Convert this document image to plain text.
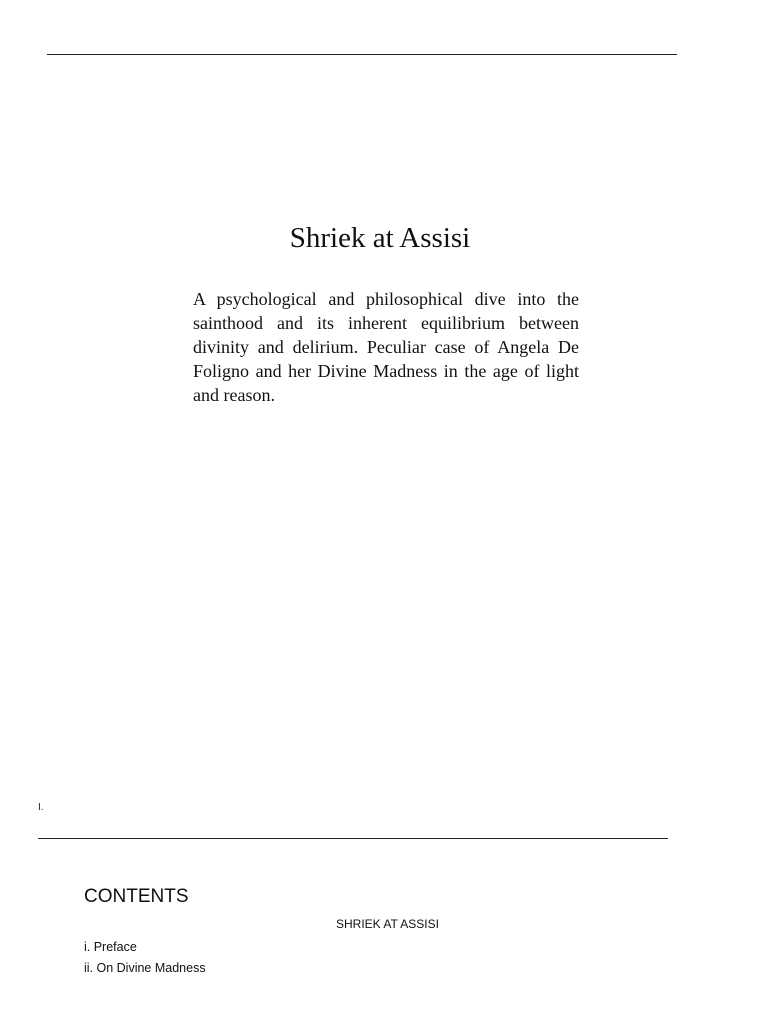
Shriek at Assisi

A psychological and philosophical dive into the sainthood and its inherent equilibrium between divinity and delirium. Peculiar case of Angela De Foligno and her Divine Madness in the age of light and reason.

I.
CONTENTS
SHRIEK AT ASSISI
i. Preface
ii. On Divine Madness
